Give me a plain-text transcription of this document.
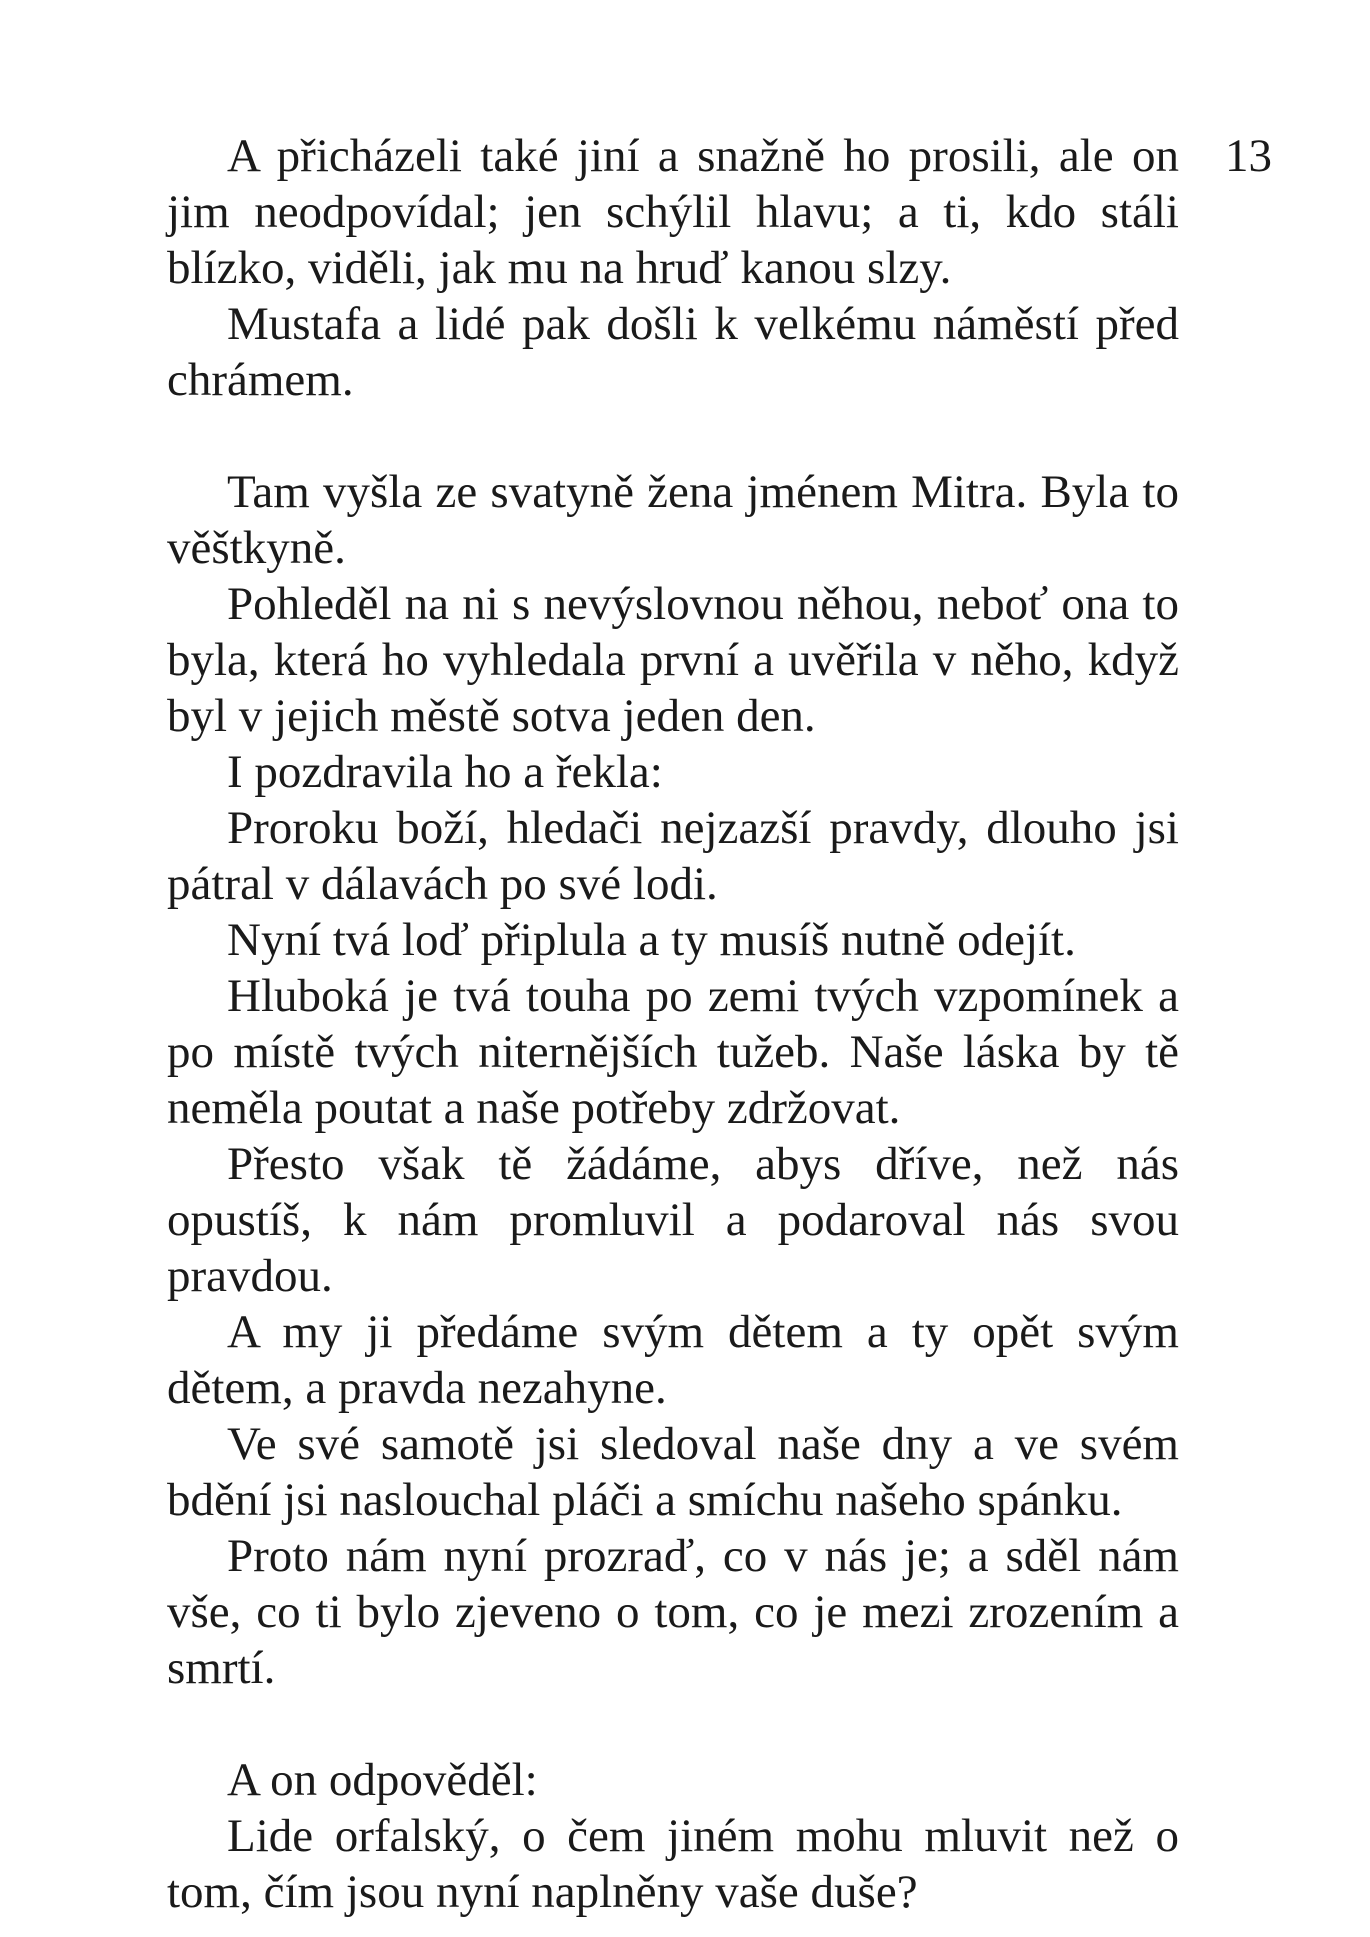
13

A přicházeli také jiní a snažně ho prosili, ale on jim neodpovídal; jen schýlil hlavu; a ti, kdo stáli blízko, viděli, jak mu na hruď kanou slzy.

Mustafa a lidé pak došli k velkému náměstí před chrámem.

Tam vyšla ze svatyně žena jménem Mitra. Byla to věštkyně.

Pohleděl na ni s nevýslovnou něhou, neboť ona to byla, která ho vyhledala první a uvěřila v něho, když byl v jejich městě sotva jeden den.

I pozdravila ho a řekla:

Proroku boží, hledači nejzazší pravdy, dlouho jsi pátral v dálavách po své lodi.

Nyní tvá loď připlula a ty musíš nutně odejít.

Hluboká je tvá touha po zemi tvých vzpomínek a po místě tvých niternějších tužeb. Naše láska by tě neměla poutat a naše potřeby zdržovat.

Přesto však tě žádáme, abys dříve, než nás opustíš, k nám promluvil a podaroval nás svou pravdou.

A my ji předáme svým dětem a ty opět svým dětem, a pravda nezahyne.

Ve své samotě jsi sledoval naše dny a ve svém bdění jsi naslouchal pláči a smíchu našeho spánku.

Proto nám nyní prozraď, co v nás je; a sděl nám vše, co ti bylo zjeveno o tom, co je mezi zrozením a smrtí.

A on odpověděl:

Lide orfalský, o čem jiném mohu mluvit než o tom, čím jsou nyní naplněny vaše duše?
